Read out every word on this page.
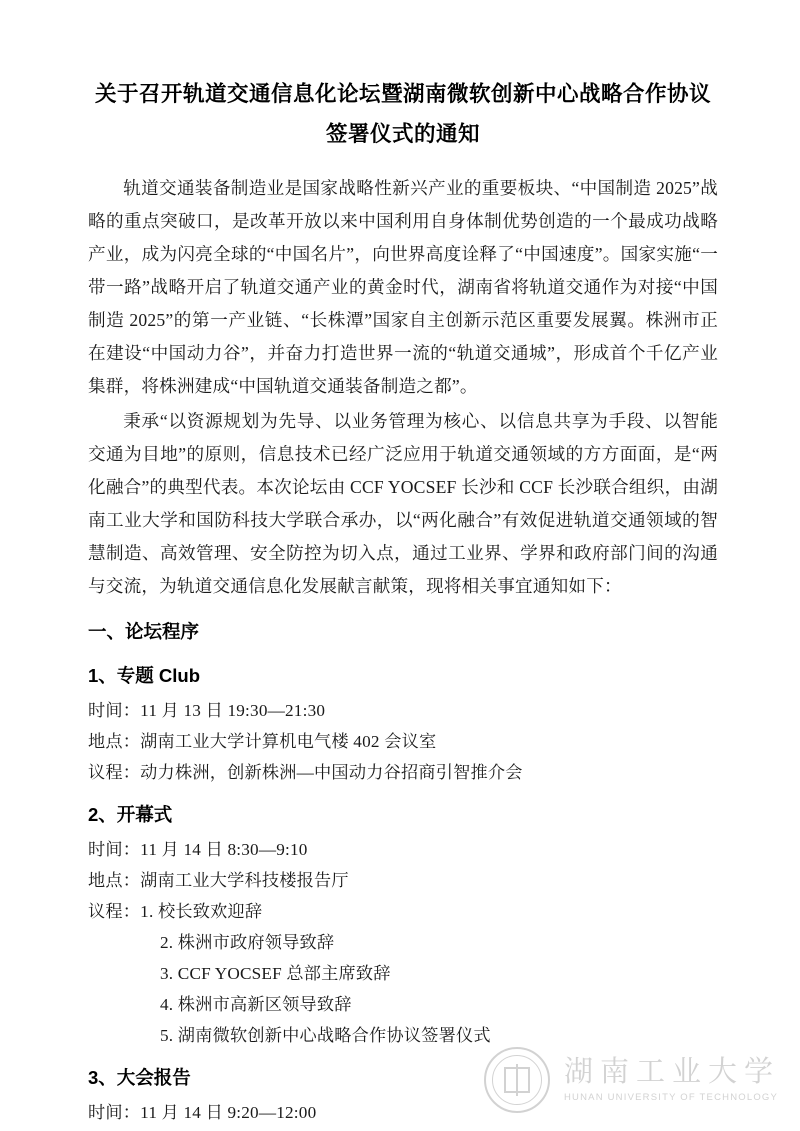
关于召开轨道交通信息化论坛暨湖南微软创新中心战略合作协议签署仪式的通知

轨道交通装备制造业是国家战略性新兴产业的重要板块、“中国制造 2025”战略的重点突破口，是改革开放以来中国利用自身体制优势创造的一个最成功战略产业，成为闪亮全球的“中国名片”，向世界高度诠释了“中国速度”。国家实施“一带一路”战略开启了轨道交通产业的黄金时代，湖南省将轨道交通作为对接“中国制造 2025”的第一产业链、“长株潭”国家自主创新示范区重要发展翼。株洲市正在建设“中国动力谷”，并奋力打造世界一流的“轨道交通城”，形成首个千亿产业集群，将株洲建成“中国轨道交通装备制造之都”。

秉承“以资源规划为先导、以业务管理为核心、以信息共享为手段、以智能交通为目地”的原则，信息技术已经广泛应用于轨道交通领域的方方面面，是“两化融合”的典型代表。本次论坛由 CCF YOCSEF 长沙和 CCF 长沙联合组织，由湖南工业大学和国防科技大学联合承办，以“两化融合”有效促进轨道交通领域的智慧制造、高效管理、安全防控为切入点，通过工业界、学界和政府部门间的沟通与交流，为轨道交通信息化发展献言献策，现将相关事宜通知如下：

一、论坛程序
1、专题 Club

时间：11 月 13 日 19:30—21:30

地点：湖南工业大学计算机电气楼 402 会议室

议程：动力株洲，创新株洲—中国动力谷招商引智推介会

2、开幕式

时间：11 月 14 日 8:30—9:10

地点：湖南工业大学科技楼报告厅

议程：1. 校长致欢迎辞
2. 株洲市政府领导致辞
3. CCF YOCSEF 总部主席致辞
4. 株洲市高新区领导致辞
5. 湖南微软创新中心战略合作协议签署仪式
3、大会报告

时间：11 月 14 日 9:20—12:00

湖南工业大学
HUNAN UNIVERSITY OF TECHNOLOGY
